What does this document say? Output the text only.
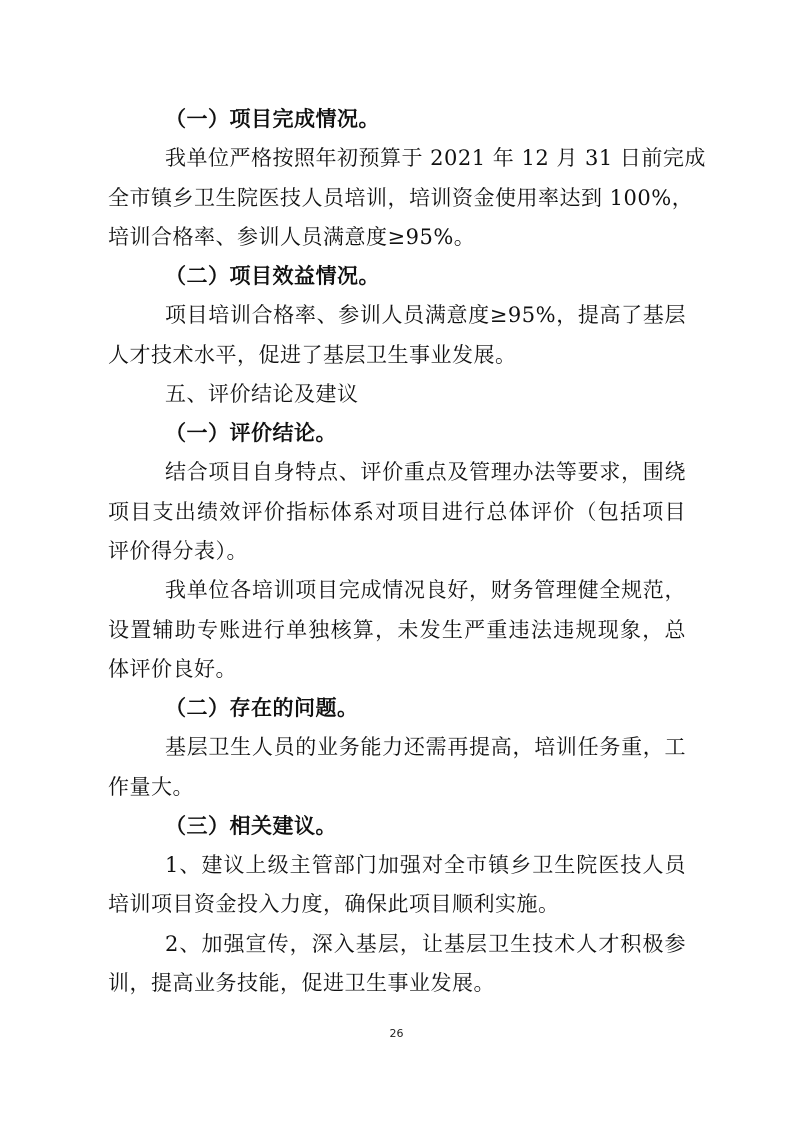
（一）项目完成情况。
我单位严格按照年初预算于 2021 年 12 月 31 日前完成
全市镇乡卫生院医技人员培训，培训资金使用率达到 100%，
培训合格率、参训人员满意度≥95%。
（二）项目效益情况。
项目培训合格率、参训人员满意度≥95%，提高了基层
人才技术水平，促进了基层卫生事业发展。
五、评价结论及建议
（一）评价结论。
结合项目自身特点、评价重点及管理办法等要求，围绕
项目支出绩效评价指标体系对项目进行总体评价（包括项目
评价得分表）。
我单位各培训项目完成情况良好，财务管理健全规范，
设置辅助专账进行单独核算，未发生严重违法违规现象，总
体评价良好。
（二）存在的问题。
基层卫生人员的业务能力还需再提高，培训任务重，工
作量大。
（三）相关建议。
1、建议上级主管部门加强对全市镇乡卫生院医技人员
培训项目资金投入力度，确保此项目顺利实施。
2、加强宣传，深入基层，让基层卫生技术人才积极参
训，提高业务技能，促进卫生事业发展。
26
